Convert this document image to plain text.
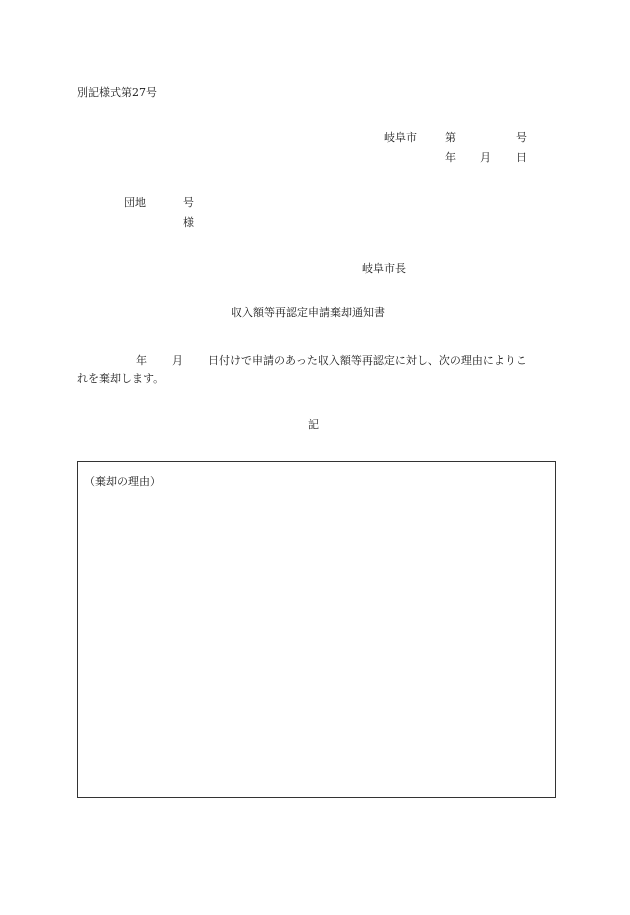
別記様式第27号
岐阜市	第	号
年 月 日
団地	号
様
岐阜市長
収入額等再認定申請棄却通知書
年 月 日付けで申請のあった収入額等再認定に対し、次の理由によりこ
れを棄却します。
記
（棄却の理由）
